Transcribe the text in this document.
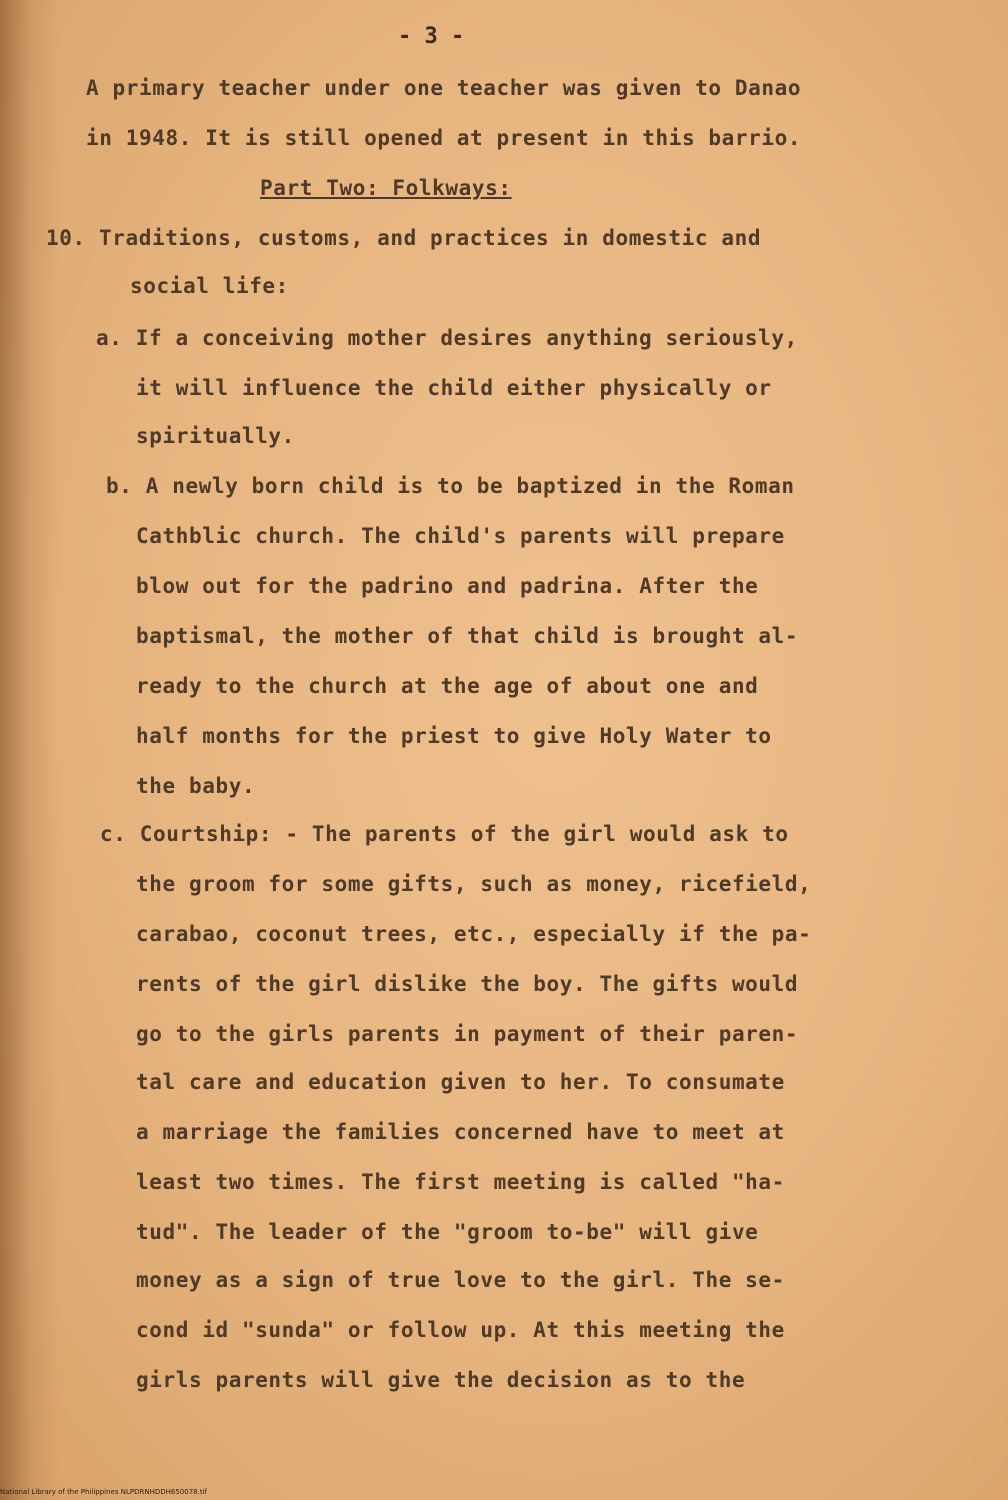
- 3 -
A primary teacher under one teacher was given to Danao
in 1948. It is still opened at present in this barrio.
Part Two: Folkways:
10. Traditions, customs, and practices in domestic and
social life:
a. If a conceiving mother desires anything seriously,
it will influence the child either physically or
spiritually.
b. A newly born child is to be baptized in the Roman
Cathblic church. The child's parents will prepare
blow out for the padrino and padrina. After the
baptismal, the mother of that child is brought al-
ready to the church at the age of about one and
half months for the priest to give Holy Water to
the baby.
c. Courtship: - The parents of the girl would ask to
the groom for some gifts, such as money, ricefield,
carabao, coconut trees, etc., especially if the pa-
rents of the girl dislike the boy. The gifts would
go to the girls parents in payment of their paren-
tal care and education given to her. To consumate
a marriage the families concerned have to meet at
least two times. The first meeting is called "ha-
tud". The leader of the "groom to-be" will give
money as a sign of true love to the girl. The se-
cond id "sunda" or follow up. At this meeting the
girls parents will give the decision as to the
National Library of the Philippines NLPDRNHDDH650078.tif
